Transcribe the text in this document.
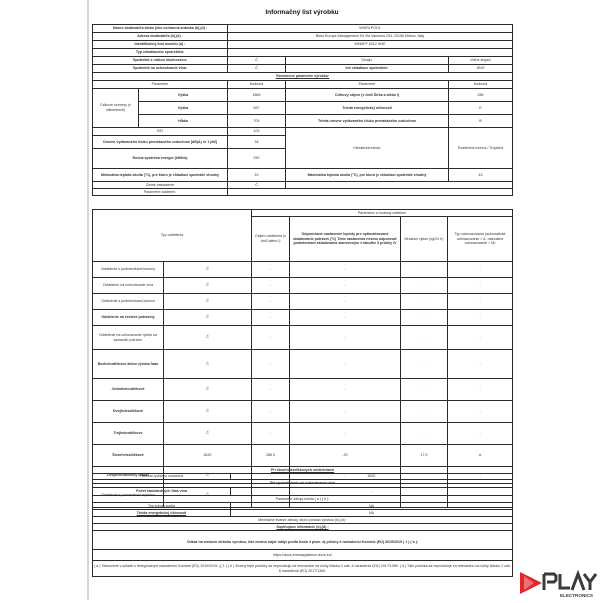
Informačný list výrobku
Názov dodávateľa alebo jeho ochranná známka (b),(d) :		WHIRLPOOL		
Adresa dodávateľa (b),(d) :		Beko Europe Management Srl Via Varesina 204, 20156 Milano, Italy		
Identifikačný kód modelu (d) :		WHMFF 6312 W4E		
Typ chladiaceho spotrebiča:				
Spotrebič s nízkou hlučnosťou:		Č	Dizajn:	Voľne stojaci
Spotrebič na uchovávanie vína:		Č	Iné chladiace spotrebiče:	ÁNO
Všeobecné parametre výrobku:				
Parameter		Hodnota	Parameter	Hodnota
Celkové rozmery (v milimetroch)	Výška	1865	Celkový objem (v dm3 Širka a alebo l)	286
	Výška	597	Trieda energetickej účinnosti	E
	Hĺbka	709	Trieda úrovne vydávaného hluku prenášaného vzduchom	B
EEI		100	Klimatická trieda:	Rozšírená mierna / Tropická
Úroveň vydávaného hluku prenášaného vzduchom [dB(A) re 1 pW]		34		
Ročná spotreba energie (kWh/a)		250		
Minimálna teplota okolia (°C), pre ktorú je chladiaci spotrebič vhodný		10	Maximálna teplota okolia (°C), pre ktorú je chladiaci spotrebič vhodný	43
Zimné nastavenie		Č		
Parametre oddelení:				
Typ oddelenia		Parametre a hodnoty oddelení			
		Objem oddelenia (v dm3 alebo l)	Odporúčané nastavenie teploty pre optimalizované skladovanie potravín (°C) Tieto nastavenia nesmú odporovať podmienkam skladovania stanoveným v tabuľke 3 prílohy IV	Mraziaci výkon (kg/24 h)	Typ odmrazovania (automatické odmrazovanie = A, manuálne odmrazovanie = M)
Oddelenie s podmienkami komory	Č	-	-	-	-
Oddelenie na uchovávanie vína	Č	-	-	-	-
Oddelenie s podmienkami pivnice	Č	-	-	-	-
Oddelenie na čerstvé potraviny	Č	-	-	-	-
Oddelenie na uchovávanie rýchlo sa kaziacich potravín	Č	-	-	-	-
Bezhviezdičkové alebo výroba ľadu	Č	-	-	-	-
Jednohviezdičkové	Č	-	-	-	-
Dvojhviezdičkové	Č	-	-	-	-
Trojhviezdičkové	Č	-	-	-	-
Štvorhviezdičkové	ÁNO	286,0	-20	17,0	A
Dvojhviezdičkový oddiel	Č	-	-	-	-
Oddelenie s premenlivou teplotou	Č	-	-	-	-
Pri štvorhviezdičkových oddeleniach	
Funkcia rýchleho mrazenia	ÁNO
Pri spotrebičoch na uchovávanie vína	
Počet štandardných fliaš vína	-
Parametre zdroja svetla ( a ) ( b ):	
Typ zdroja svetla	NA
Trieda energetickej účinnosti	NA
Minimálne trvanie záruky, ktorú ponúka výrobca (b),(d) :	
Doplňujúce informácie (b),(d) :	

Odkaz na webovú stránku výrobcu, kde možno nájsť údaje podľa bodu 4 písm. a) prílohy k nariadeniu Komisie (EÚ) 2019/2019 ( 1 ) ( b ):	
https://docs.emeaappliance-docs.eu/	
( a ) Stanovené v súlade s delegovaným nariadením Komisie (EÚ) 2019/2015. (( 1 ) ( b ) Zmeny tejto položky sa nepovažujú za relevantné na účely článku 4 ods. 4 nariadenia (EÚ) 2017/1369. ( d ) Táto položka sa nepovažuje za relevantnú na účely článku 2 ods. 6 nariadenia (EÚ) 2017/1369.	
ELECTRONICS
